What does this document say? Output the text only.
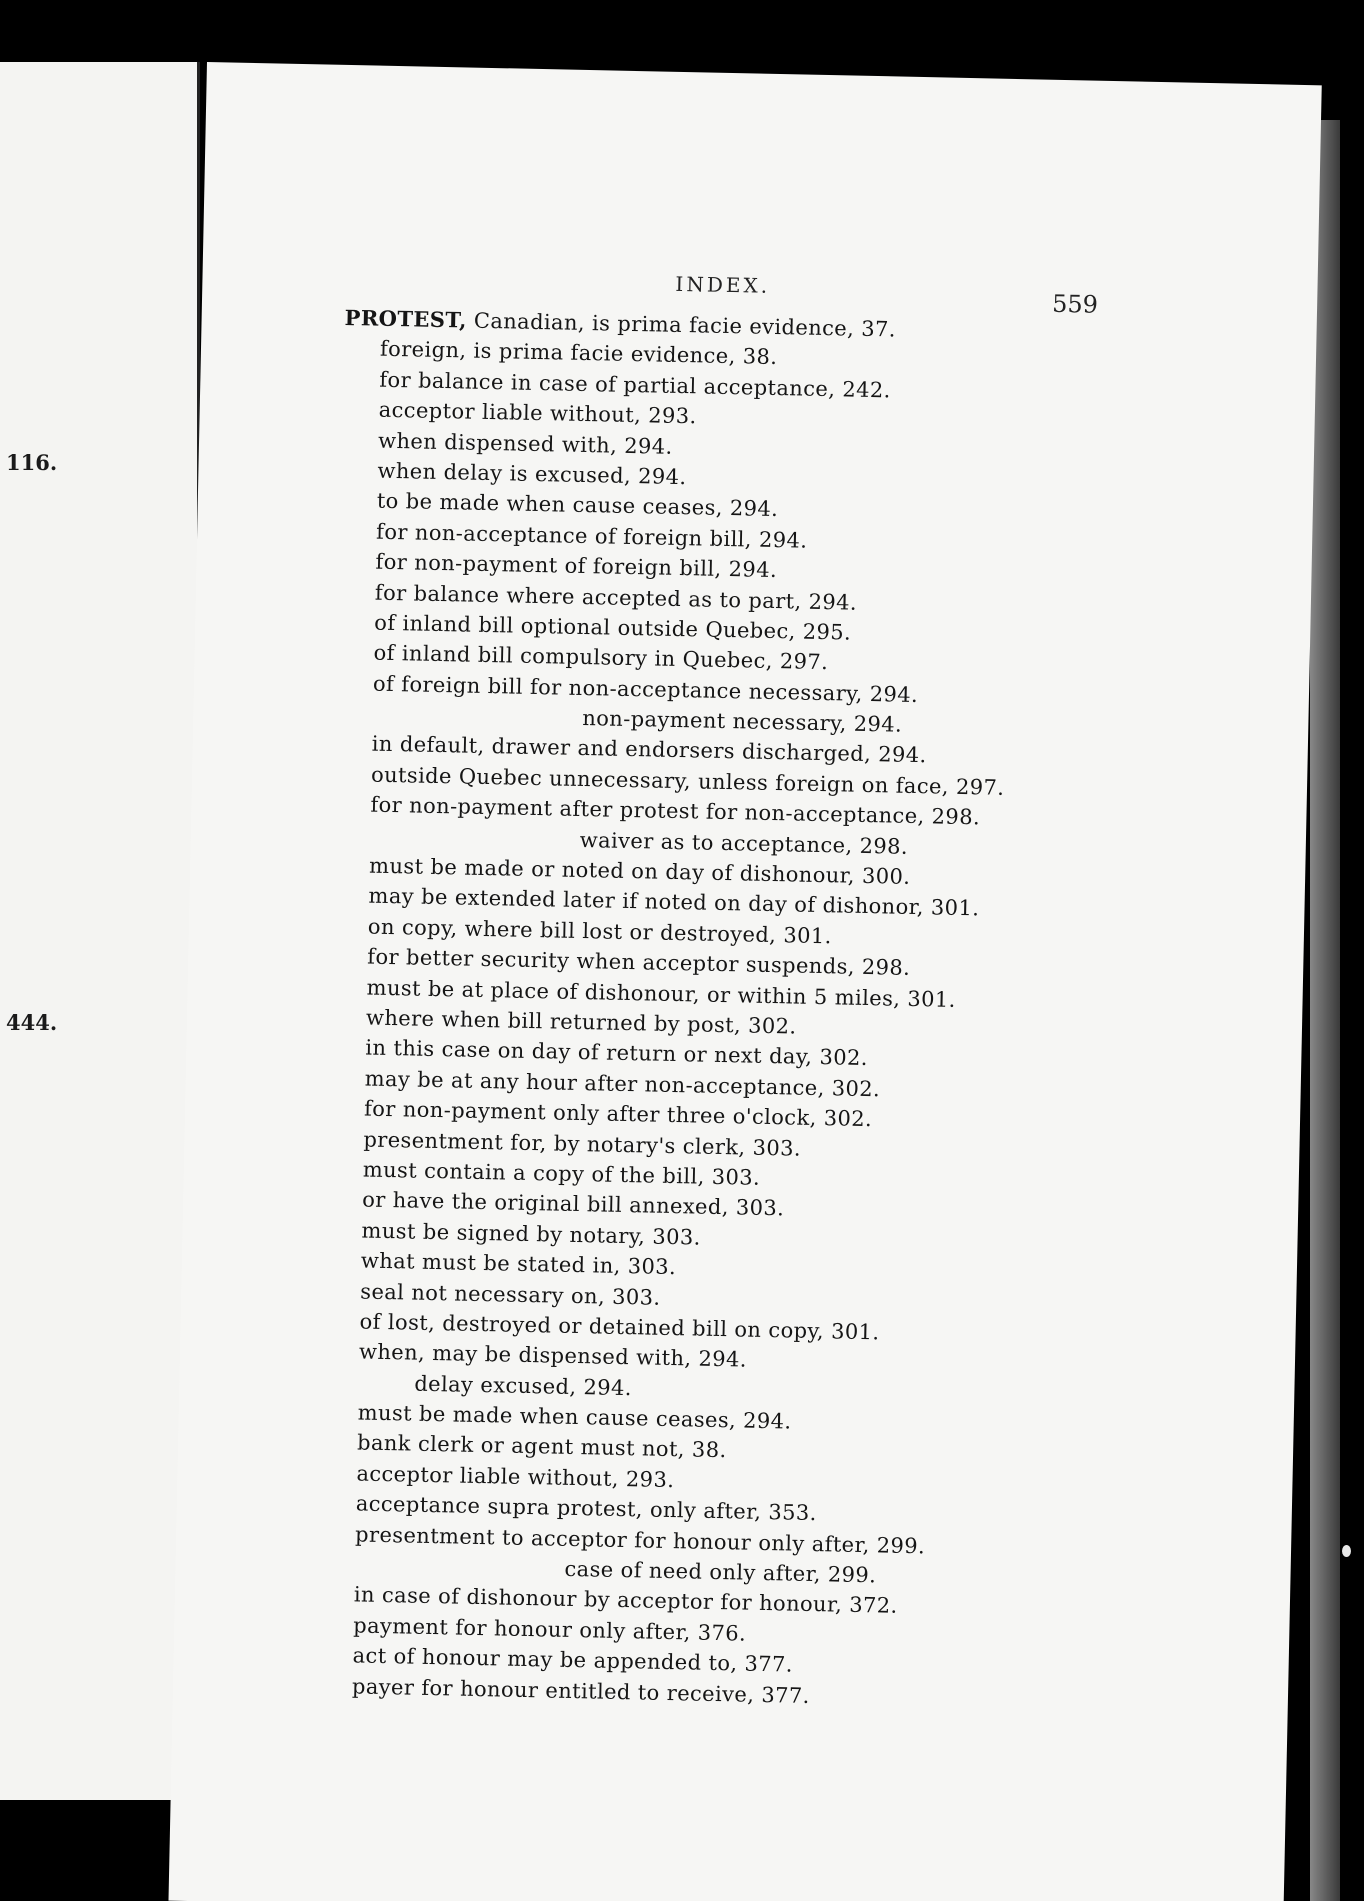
116.
444.
INDEX.
559
PROTEST, Canadian, is prima facie evidence, 37.
foreign, is prima facie evidence, 38.
for balance in case of partial acceptance, 242.
acceptor liable without, 293.
when dispensed with, 294.
when delay is excused, 294.
to be made when cause ceases, 294.
for non-acceptance of foreign bill, 294.
for non-payment of foreign bill, 294.
for balance where accepted as to part, 294.
of inland bill optional outside Quebec, 295.
of inland bill compulsory in Quebec, 297.
of foreign bill for non-acceptance necessary, 294.
non-payment necessary, 294.
in default, drawer and endorsers discharged, 294.
outside Quebec unnecessary, unless foreign on face, 297.
for non-payment after protest for non-acceptance, 298.
waiver as to acceptance, 298.
must be made or noted on day of dishonour, 300.
may be extended later if noted on day of dishonor, 301.
on copy, where bill lost or destroyed, 301.
for better security when acceptor suspends, 298.
must be at place of dishonour, or within 5 miles, 301.
where when bill returned by post, 302.
in this case on day of return or next day, 302.
may be at any hour after non-acceptance, 302.
for non-payment only after three o'clock, 302.
presentment for, by notary's clerk, 303.
must contain a copy of the bill, 303.
or have the original bill annexed, 303.
must be signed by notary, 303.
what must be stated in, 303.
seal not necessary on, 303.
of lost, destroyed or detained bill on copy, 301.
when, may be dispensed with, 294.
delay excused, 294.
must be made when cause ceases, 294.
bank clerk or agent must not, 38.
acceptor liable without, 293.
acceptance supra protest, only after, 353.
presentment to acceptor for honour only after, 299.
case of need only after, 299.
in case of dishonour by acceptor for honour, 372.
payment for honour only after, 376.
act of honour may be appended to, 377.
payer for honour entitled to receive, 377.
